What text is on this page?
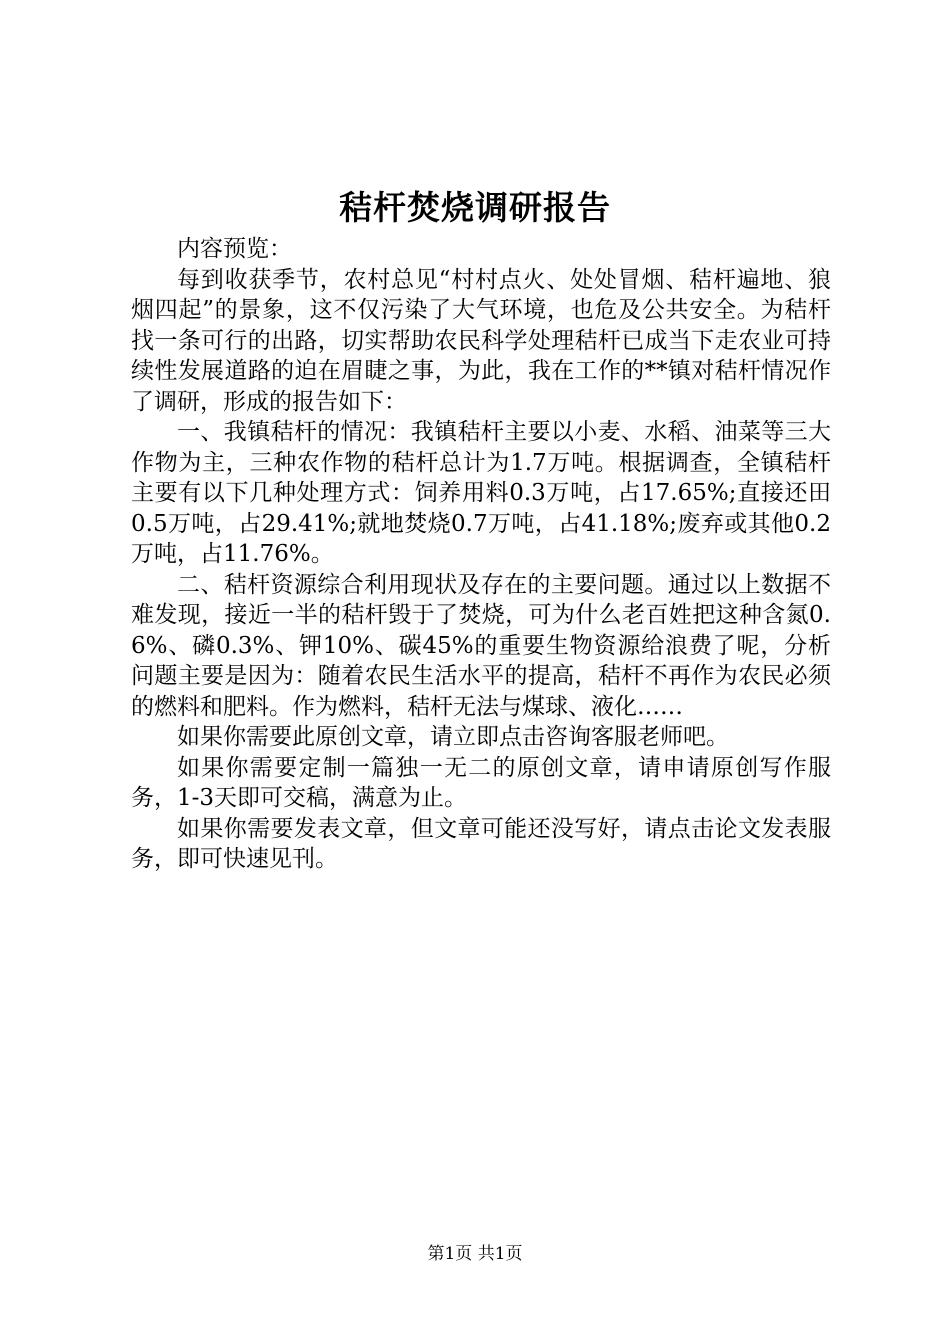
秸杆焚烧调研报告

内容预览：

每到收获季节，农村总见“村村点火、处处冒烟、秸杆遍地、狼烟四起”的景象，这不仅污染了大气环境，也危及公共安全。为秸杆找一条可行的出路，切实帮助农民科学处理秸杆已成当下走农业可持续性发展道路的迫在眉睫之事，为此，我在工作的**镇对秸杆情况作了调研，形成的报告如下：

一、我镇秸杆的情况：我镇秸杆主要以小麦、水稻、油菜等三大作物为主，三种农作物的秸杆总计为1.7万吨。根据调查，全镇秸杆主要有以下几种处理方式：饲养用料0.3万吨，占17.65%;直接还田0.5万吨，占29.41%;就地焚烧0.7万吨，占41.18%;废弃或其他0.2万吨，占11.76%。

二、秸杆资源综合利用现状及存在的主要问题。通过以上数据不难发现，接近一半的秸杆毁于了焚烧，可为什么老百姓把这种含氮0.6%、磷0.3%、钾10%、碳45%的重要生物资源给浪费了呢，分析问题主要是因为：随着农民生活水平的提高，秸杆不再作为农民必须的燃料和肥料。作为燃料，秸杆无法与煤球、液化……

如果你需要此原创文章，请立即点击咨询客服老师吧。

如果你需要定制一篇独一无二的原创文章，请申请原创写作服务，1-3天即可交稿，满意为止。

如果你需要发表文章，但文章可能还没写好，请点击论文发表服务，即可快速见刊。

第1页 共1页
